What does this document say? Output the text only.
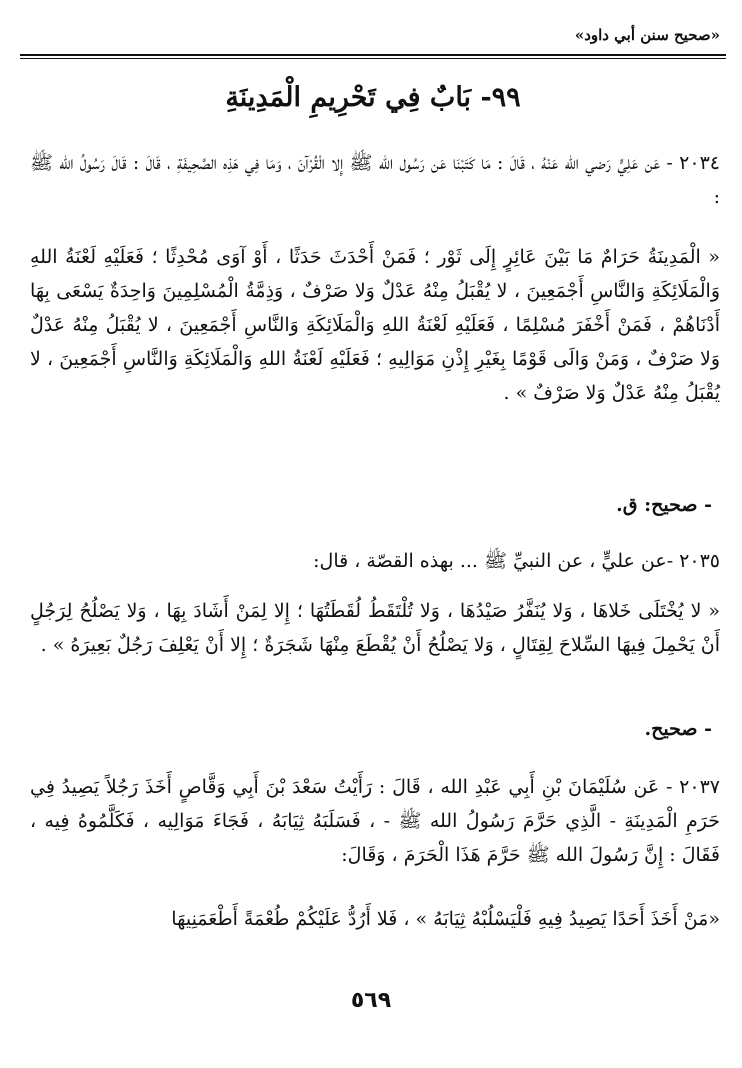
«صحيح سنن أبي داود»
٩٩- بَابٌ فِي تَحْرِيمِ الْمَدِينَةِ
٢٠٣٤ - عَن عَلِيٍّ رَضي الله عَنْهُ ، قَالَ : مَا كَتَبْنَا عَن رَسُول الله ﷺ إِلا الْقُرْآنَ ، وَمَا فِي هَذِه الصَّحِيفَةِ ، قَالَ : قَالَ رَسُولُ الله ﷺ :
« الْمَدِينَةُ حَرَامٌ مَا بَيْنَ عَائِرٍ إِلَى ثَوْر ؛ فَمَنْ أَحْدَثَ حَدَثًا ، أَوْ آوَى مُحْدِثًا ؛ فَعَلَيْهِ لَعْنَةُ اللهِ وَالْمَلَائِكَةِ وَالنَّاسِ أَجْمَعِينَ ، لا يُقْبَلُ مِنْهُ عَدْلٌ وَلا صَرْفٌ ، وَذِمَّةُ الْمُسْلِمِينَ وَاحِدَةٌ يَسْعَى بِهَا أَدْنَاهُمْ ، فَمَنْ أَخْفَرَ مُسْلِمًا ، فَعَلَيْهِ لَعْنَةُ اللهِ وَالْمَلَائِكَةِ وَالنَّاسِ أَجْمَعِينَ ، لا يُقْبَلُ مِنْهُ عَدْلٌ وَلا صَرْفٌ ، وَمَنْ وَالَى قَوْمًا بِغَيْرِ إِذْنِ مَوَالِيهِ ؛ فَعَلَيْهِ لَعْنَةُ اللهِ وَالْمَلَائِكَةِ وَالنَّاسِ أَجْمَعِينَ ، لا يُقْبَلُ مِنْهُ عَدْلٌ وَلا صَرْفٌ » .
- صحيح: ق.
٢٠٣٥ -عن عليٍّ ، عن النبيِّ ﷺ ... بهذه القصّة ، قال:
« لا يُخْتَلَى خَلاهَا ، وَلا يُنَفَّرُ صَيْدُهَا ، وَلا تُلْتَقَطُ لُقَطَتُهَا ؛ إِلا لِمَنْ أَشَادَ بِهَا ، وَلا يَصْلُحُ لِرَجُلٍ أَنْ يَحْمِلَ فِيهَا السِّلاحَ لِقِتَالٍ ، وَلا يَصْلُحُ أَنْ يُقْطَعَ مِنْهَا شَجَرَةٌ ؛ إِلا أَنْ يَعْلِفَ رَجُلٌ بَعِيرَهُ » .
- صحيح.
٢٠٣٧ - عَن سُلَيْمَانَ بْنِ أَبِي عَبْدِ الله ، قَالَ : رَأَيْتُ سَعْدَ بْنَ أَبِي وَقَّاصٍ أَخَذَ رَجُلاً يَصِيدُ فِي حَرَمِ الْمَدِينَةِ - الَّذِي حَرَّمَ رَسُولُ الله ﷺ - ، فَسَلَبَهُ ثِيَابَهُ ، فَجَاءَ مَوَالِيه ، فَكَلَّمُوهُ فِيه ، فَقَالَ : إِنَّ رَسُولَ الله ﷺ حَرَّمَ هَذَا الْحَرَمَ ، وَقَالَ:
«مَنْ أَخَذَ أَحَدًا يَصِيدُ فِيهِ فَلْيَسْلُبْهُ ثِيَابَهُ » ، فَلا أَرُدُّ عَلَيْكُمْ طُعْمَةً أَطْعَمَنِيهَا
٥٦٩
